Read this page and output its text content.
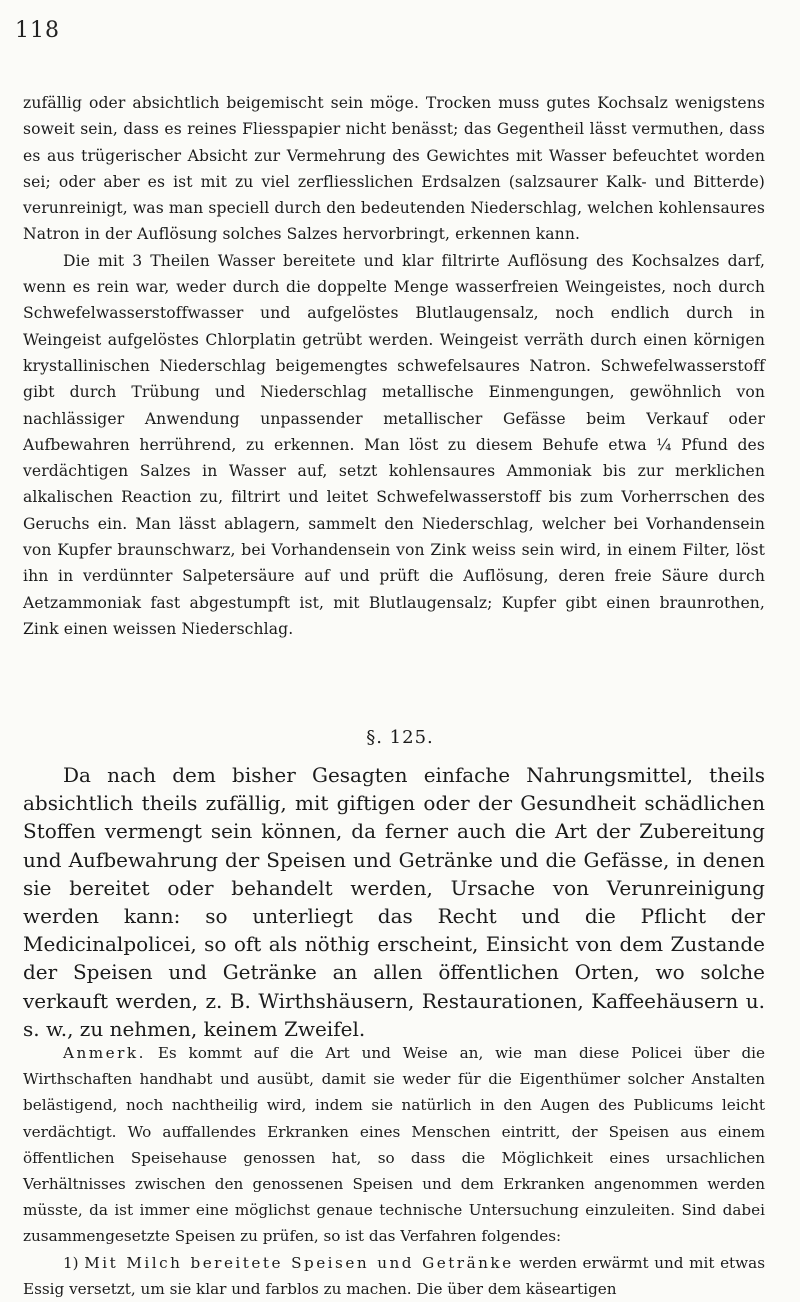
118

zufällig oder absichtlich beigemischt sein möge. Trocken muss gutes Kochsalz wenigstens soweit sein, dass es reines Fliesspapier nicht benässt; das Gegentheil lässt vermuthen, dass es aus trügerischer Absicht zur Vermehrung des Gewichtes mit Wasser befeuchtet worden sei; oder aber es ist mit zu viel zerfliesslichen Erdsalzen (salzsaurer Kalk- und Bitterde) verunreinigt, was man speciell durch den bedeutenden Niederschlag, welchen kohlensaures Natron in der Auflösung solches Salzes hervorbringt, erkennen kann.

Die mit 3 Theilen Wasser bereitete und klar filtrirte Auflösung des Kochsalzes darf, wenn es rein war, weder durch die doppelte Menge wasserfreien Weingeistes, noch durch Schwefelwasserstoffwasser und aufgelöstes Blutlaugensalz, noch endlich durch in Weingeist aufgelöstes Chlorplatin getrübt werden. Weingeist verräth durch einen körnigen krystallinischen Niederschlag beigemengtes schwefelsaures Natron. Schwefelwasserstoff gibt durch Trübung und Niederschlag metallische Einmengungen, gewöhnlich von nachlässiger Anwendung unpassender metallischer Gefässe beim Verkauf oder Aufbewahren herrührend, zu erkennen. Man löst zu diesem Behufe etwa ¼ Pfund des verdächtigen Salzes in Wasser auf, setzt kohlensaures Ammoniak bis zur merklichen alkalischen Reaction zu, filtrirt und leitet Schwefelwasserstoff bis zum Vorherrschen des Geruchs ein. Man lässt ablagern, sammelt den Niederschlag, welcher bei Vorhandensein von Kupfer braunschwarz, bei Vorhandensein von Zink weiss sein wird, in einem Filter, löst ihn in verdünnter Salpetersäure auf und prüft die Auflösung, deren freie Säure durch Aetzammoniak fast abgestumpft ist, mit Blutlaugensalz; Kupfer gibt einen braunrothen, Zink einen weissen Niederschlag.

§. 125.

Da nach dem bisher Gesagten einfache Nahrungsmittel, theils absichtlich theils zufällig, mit giftigen oder der Gesundheit schädlichen Stoffen vermengt sein können, da ferner auch die Art der Zubereitung und Aufbewahrung der Speisen und Getränke und die Gefässe, in denen sie bereitet oder behandelt werden, Ursache von Verunreinigung werden kann: so unterliegt das Recht und die Pflicht der Medicinalpolicei, so oft als nöthig erscheint, Einsicht von dem Zustande der Speisen und Getränke an allen öffentlichen Orten, wo solche verkauft werden, z. B. Wirthshäusern, Restaurationen, Kaffeehäusern u. s. w., zu nehmen, keinem Zweifel.

Anmerk. Es kommt auf die Art und Weise an, wie man diese Policei über die Wirthschaften handhabt und ausübt, damit sie weder für die Eigenthümer solcher Anstalten belästigend, noch nachtheilig wird, indem sie natürlich in den Augen des Publicums leicht verdächtigt. Wo auffallendes Erkranken eines Menschen eintritt, der Speisen aus einem öffentlichen Speisehause genossen hat, so dass die Möglichkeit eines ursachlichen Verhältnisses zwischen den genossenen Speisen und dem Erkranken angenommen werden müsste, da ist immer eine möglichst genaue technische Untersuchung einzuleiten. Sind dabei zusammengesetzte Speisen zu prüfen, so ist das Verfahren folgendes:

1) Mit Milch bereitete Speisen und Getränke werden erwärmt und mit etwas Essig versetzt, um sie klar und farblos zu machen. Die über dem käseartigen
